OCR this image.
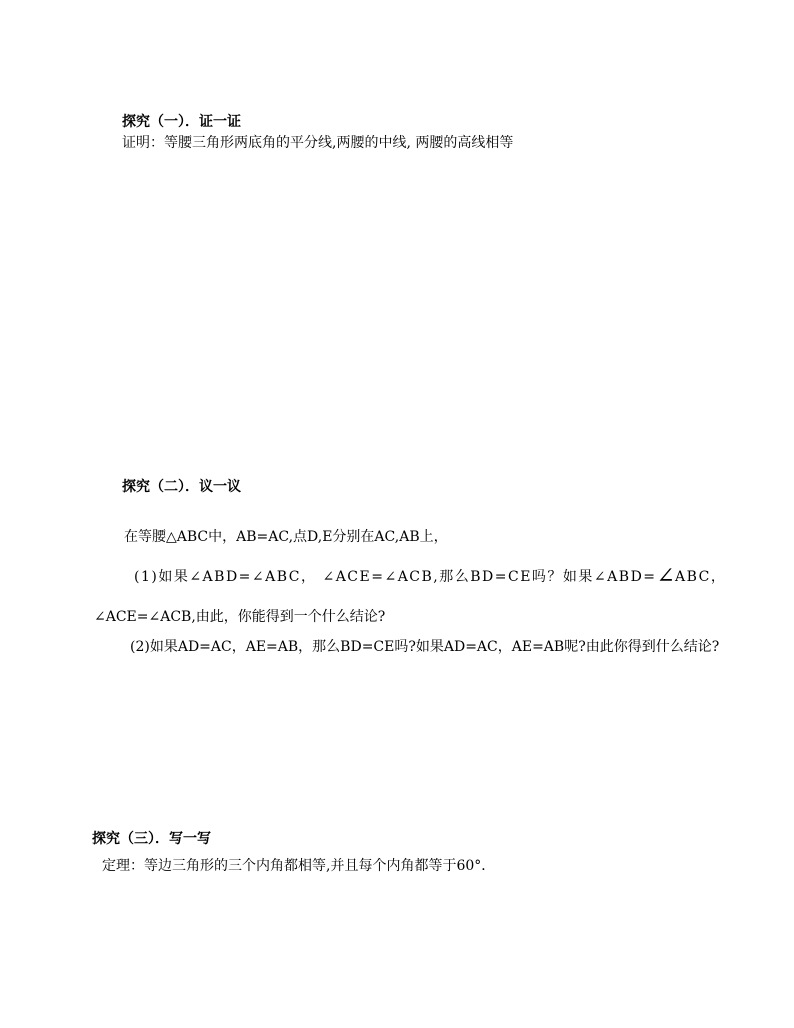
探究（一）．证一证
证明：等腰三角形两底角的平分线,两腰的中线, 两腰的高线相等
探究（二）．议一议
在等腰△ABC中，AB=AC,点D,E分别在AC,AB上，
(1)如果∠ABD=∠ABC， ∠ACE=∠ACB,那么BD=CE吗？如果∠ABD=∠ABC，
∠ACE=∠ACB,由此，你能得到一个什么结论?
(2)如果AD=AC，AE=AB，那么BD=CE吗?如果AD=AC，AE=AB呢?由此你得到什么结论?
探究（三）．写一写
定理：等边三角形的三个内角都相等,并且每个内角都等于60°．
